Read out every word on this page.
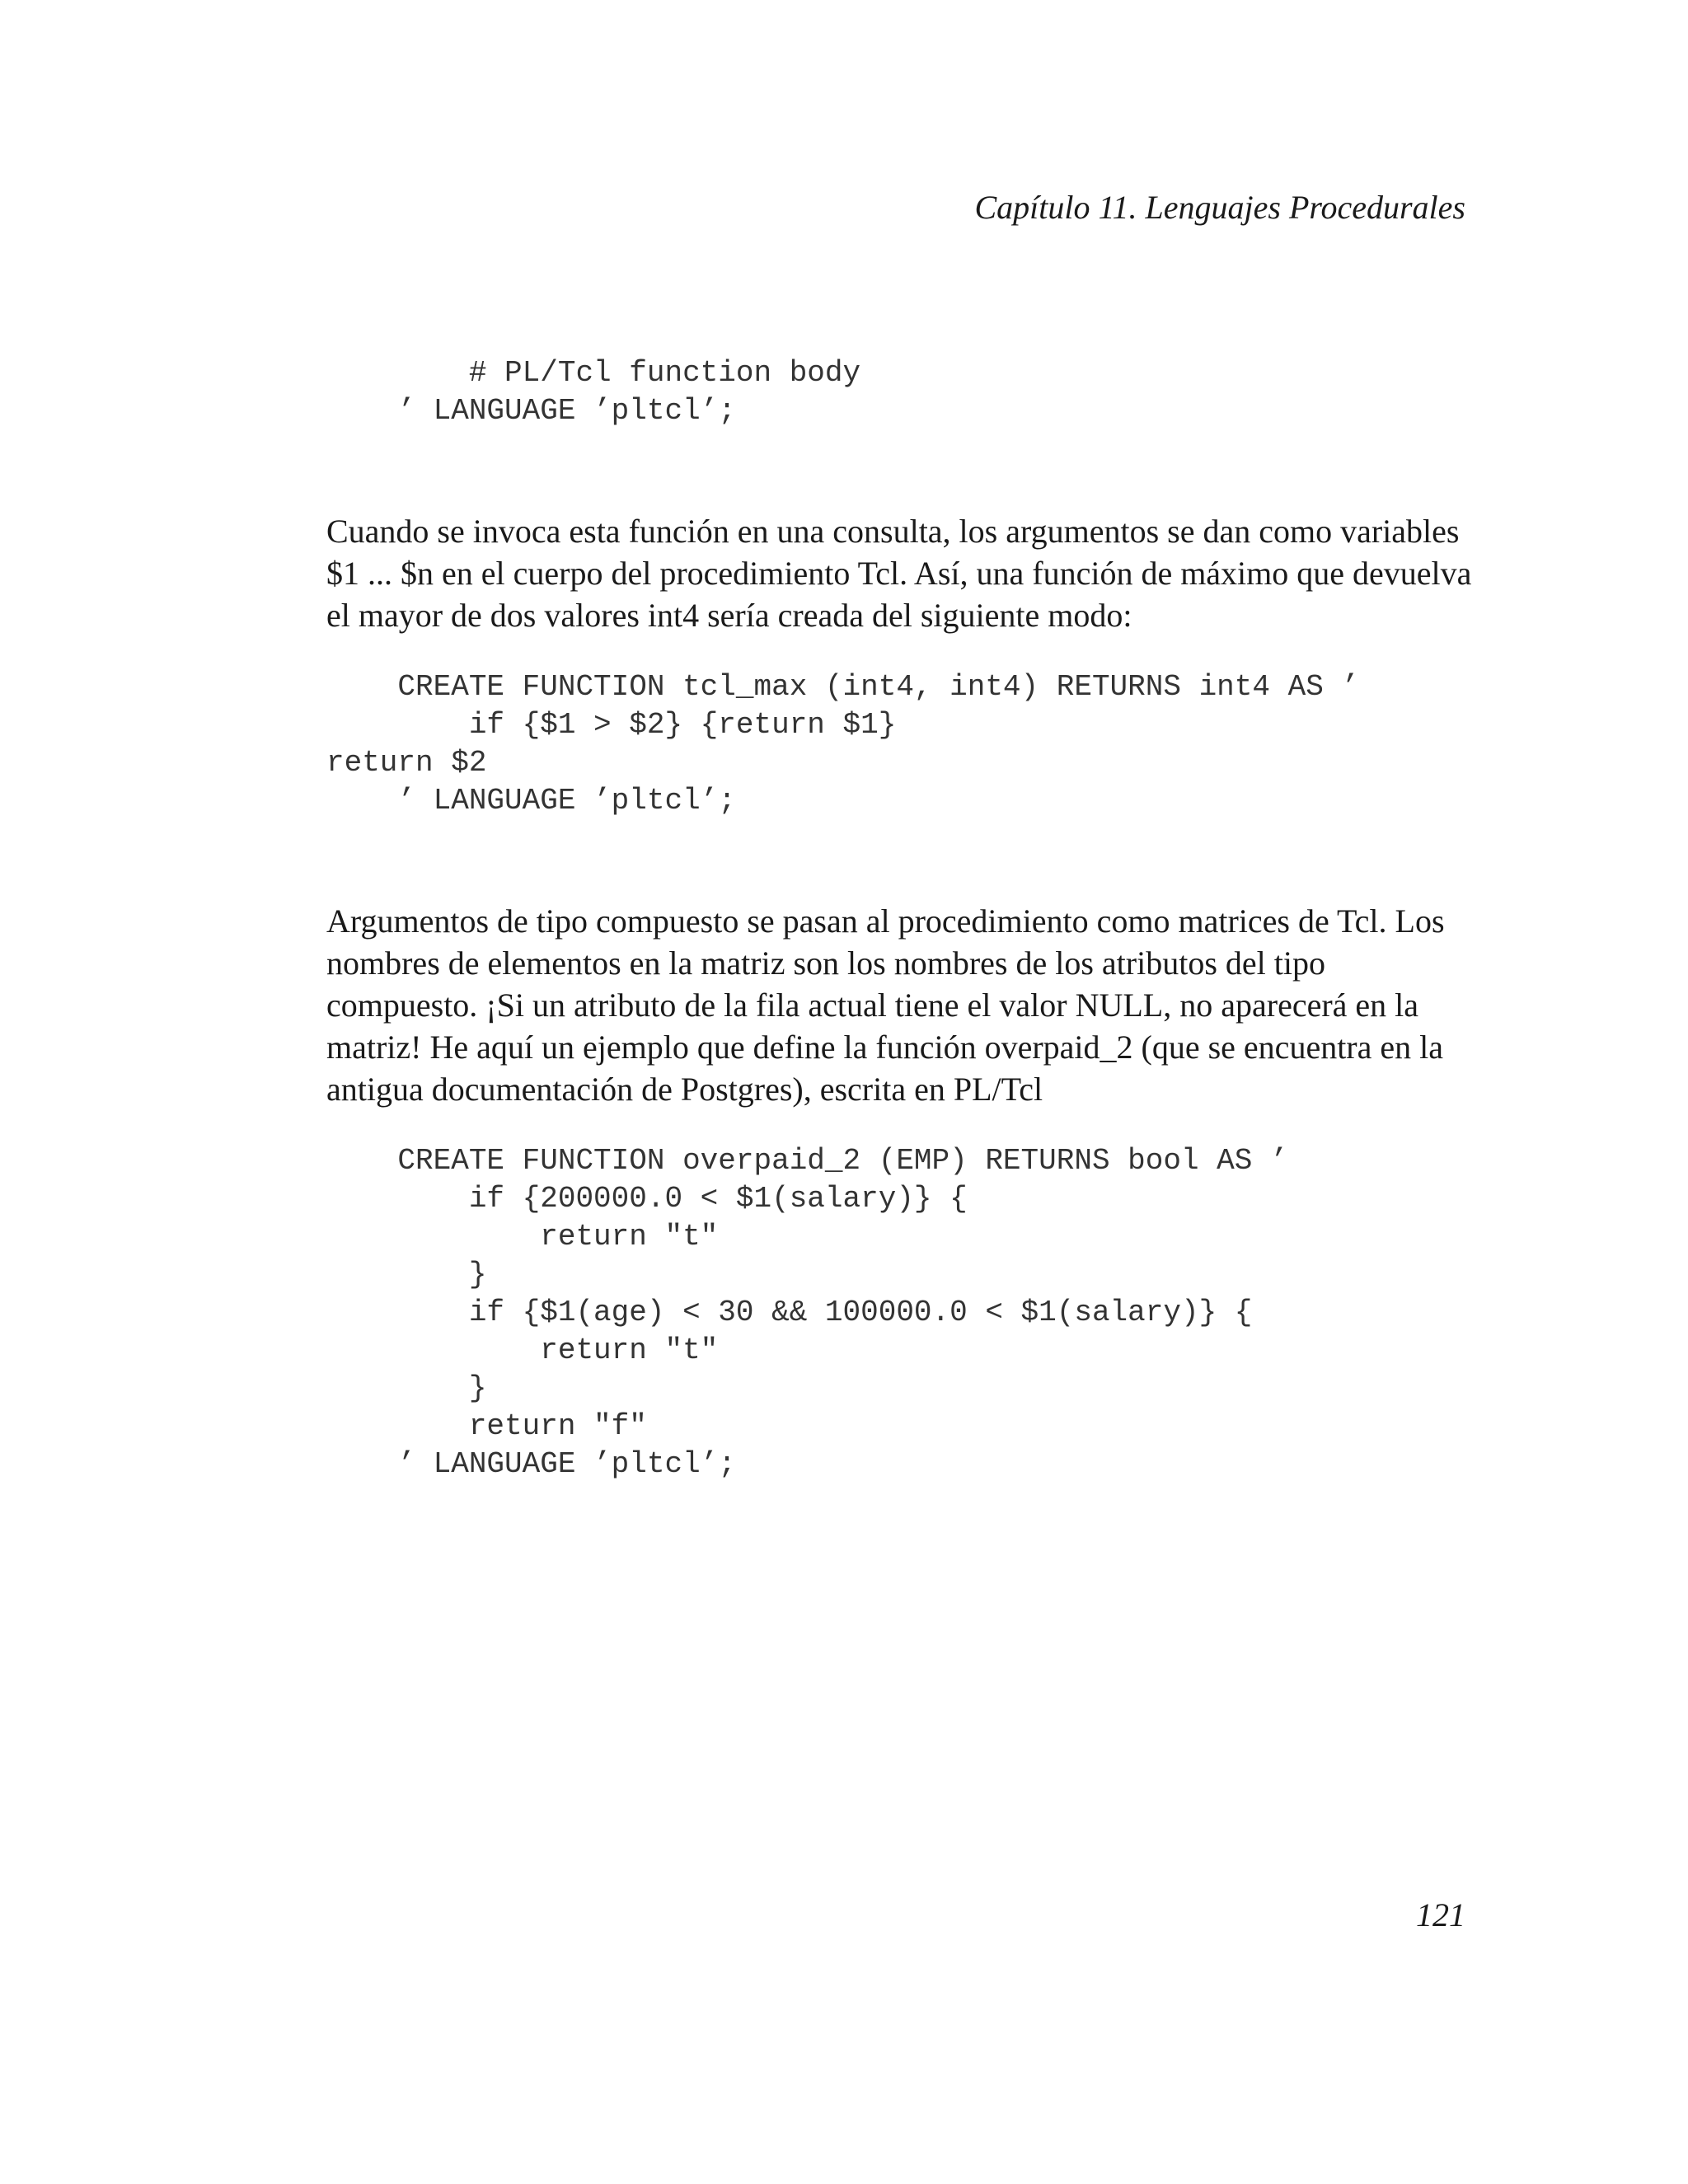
Capítulo 11. Lenguajes Procedurales
# PL/Tcl function body
’ LANGUAGE ’pltcl’;

Cuando se invoca esta función en una consulta, los argumentos se dan como variables $1 ... $n en el cuerpo del procedimiento Tcl. Así, una función de máximo que devuelva el mayor de dos valores int4 sería creada del siguiente modo:

CREATE FUNCTION tcl_max (int4, int4) RETURNS int4 AS ’
if {$1 > $2} {return $1}
return $2
’ LANGUAGE ’pltcl’;

Argumentos de tipo compuesto se pasan al procedimiento como matrices de Tcl. Los nombres de elementos en la matriz son los nombres de los atributos del tipo compuesto. ¡Si un atributo de la fila actual tiene el valor NULL, no aparecerá en la matriz! He aquí un ejemplo que define la función overpaid_2 (que se encuentra en la antigua documentación de Postgres), escrita en PL/Tcl

CREATE FUNCTION overpaid_2 (EMP) RETURNS bool AS ’
if {200000.0 < $1(salary)} {
return "t"
}
if {$1(age) < 30 && 100000.0 < $1(salary)} {
return "t"
}
return "f"
’ LANGUAGE ’pltcl’;
121
